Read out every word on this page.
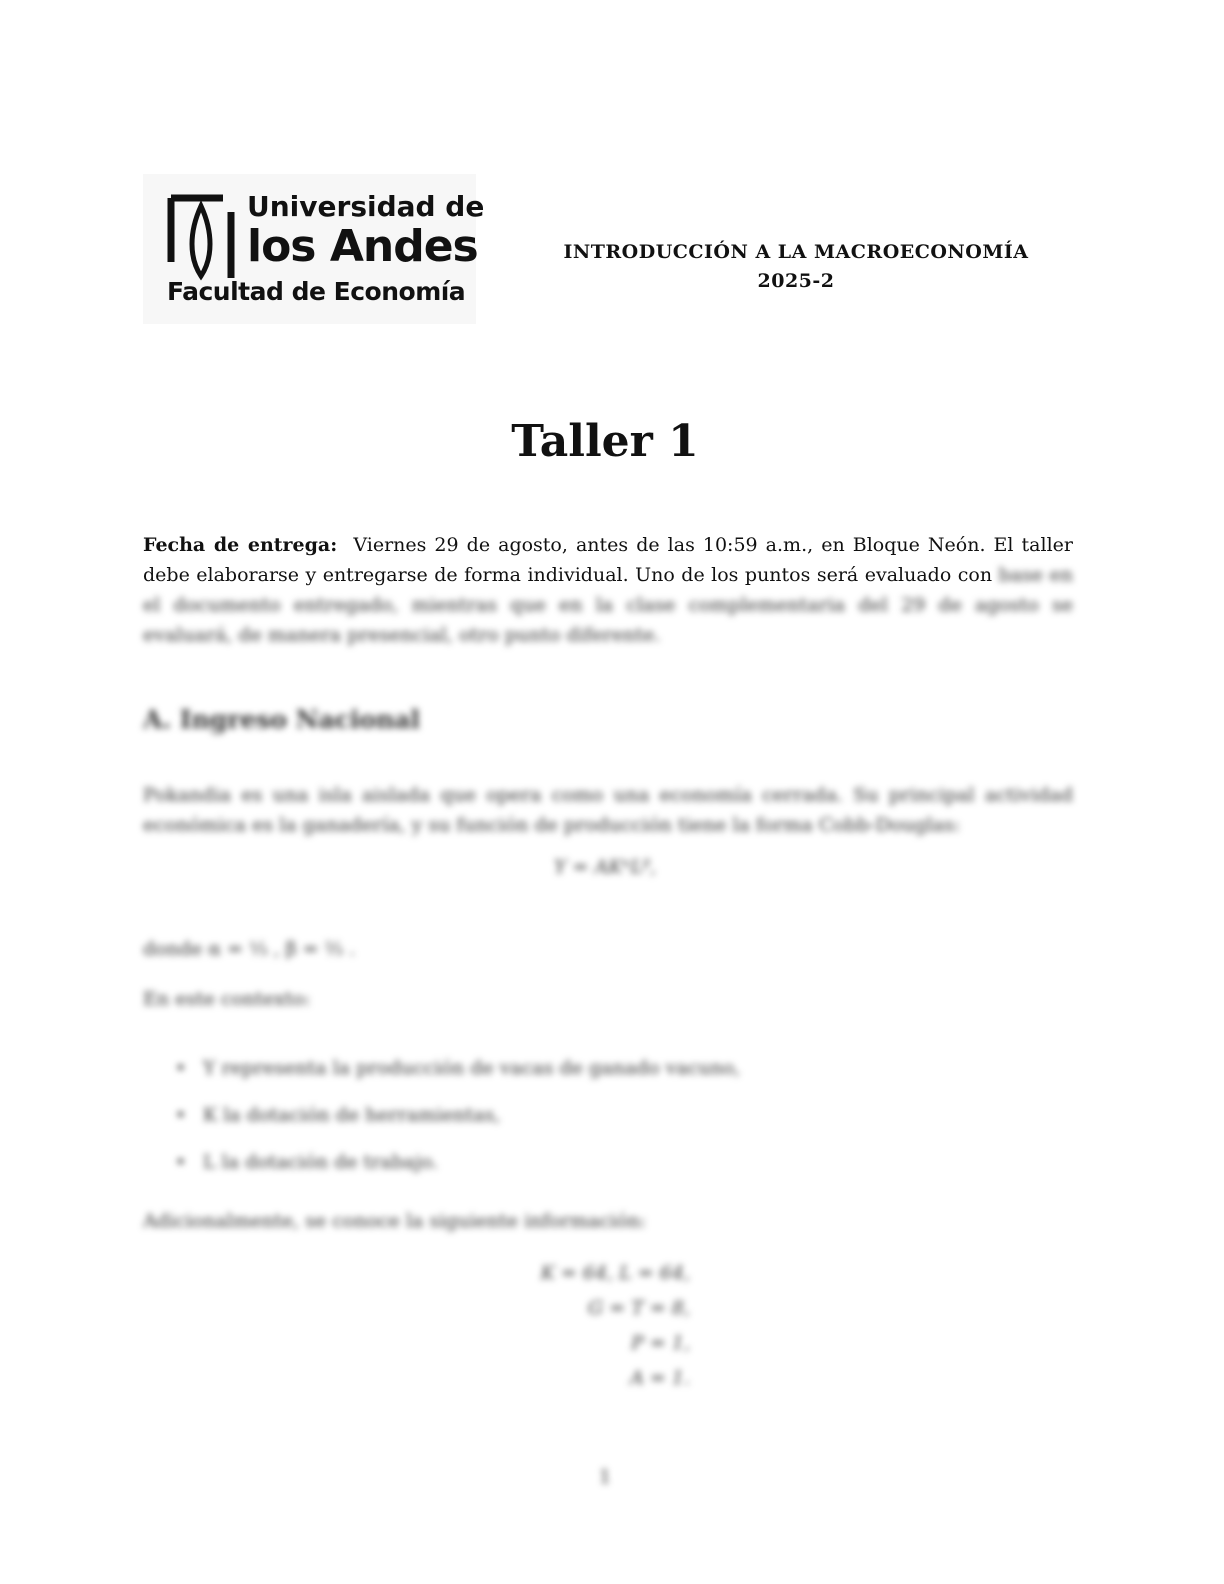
Universidad de
los Andes
Facultad de Economía
INTRODUCCIÓN A LA MACROECONOMÍA
2025-2
Taller 1
Fecha de entrega: Viernes 29 de agosto, antes de las 10:59 a.m., en Bloque Neón. El taller debe elaborarse y entregarse de forma individual. Uno de los puntos será evaluado con base en el documento entregado, mientras que en la clase complementaria del 29 de agosto se evaluará, de manera presencial, otro punto diferente.
A. Ingreso Nacional
Pokandia es una isla aislada que opera como una economía cerrada. Su principal actividad económica es la ganadería, y su función de producción tiene la forma Cobb-Douglas:
Y = AKᵅLᵝ,
donde α = ⅓ , β = ⅔ .
En este contexto:
• Y representa la producción de vacas de ganado vacuno,
• K la dotación de herramientas,
• L la dotación de trabajo.
Adicionalmente, se conoce la siguiente información:
K = 64, L = 64,
G = T = 8,
P = 1,
A = 1.
1
